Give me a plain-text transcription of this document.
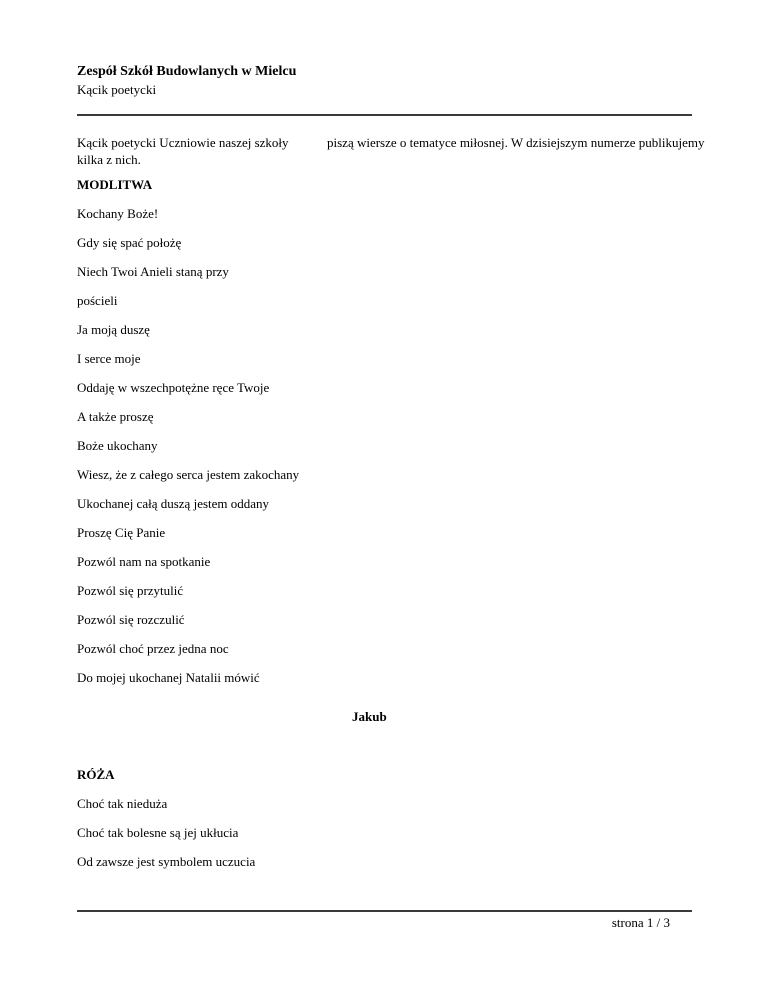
Zespół Szkół Budowlanych w Mielcu
Kącik poetycki
Kącik poetycki Uczniowie naszej szkoły kilka z nich.
piszą wiersze o tematyce miłosnej. W dzisiejszym numerze publikujemy
MODLITWA
Kochany Boże!
Gdy się spać położę
Niech Twoi Anieli staną przy
pościeli
Ja moją duszę
I serce moje
Oddaję w wszechpotężne ręce Twoje
A także proszę
Boże ukochany
Wiesz, że z całego serca jestem zakochany
Ukochanej całą duszą jestem oddany
Proszę Cię Panie
Pozwól nam na spotkanie
Pozwól się przytulić
Pozwól się rozczulić
Pozwól choć przez jedna noc
Do mojej ukochanej Natalii mówić
Jakub
RÓŻA
Choć tak nieduża
Choć tak bolesne są jej ukłucia
Od zawsze jest symbolem uczucia
strona 1 / 3
